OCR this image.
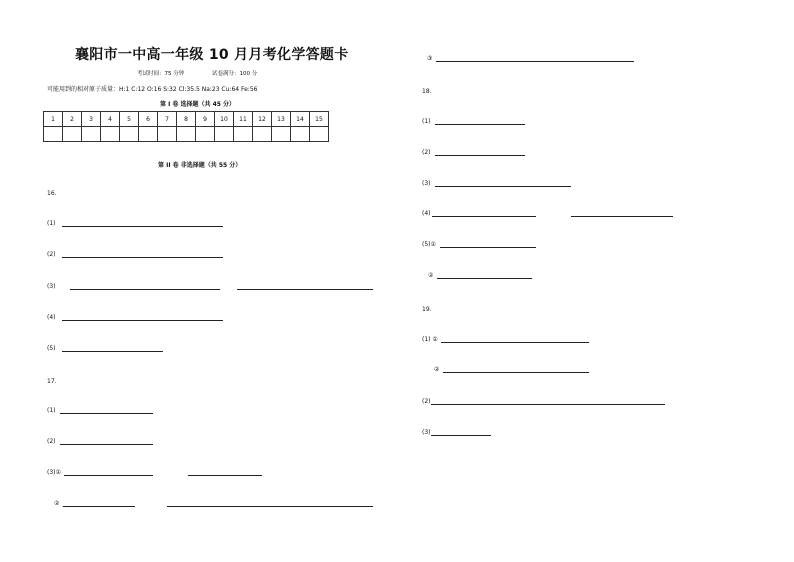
襄阳市一中高一年级 10 月月考化学答题卡
考试时间：75 分钟	试卷满分：100 分
可能用到的相对原子质量：H:1 C:12 O:16 S:32 Cl:35.5 Na:23 Cu:64 Fe:56
第 I 卷 选择题（共 45 分）
1	2	3	4	5	6	7	8	9	10	11	12	13	14	15

第 II 卷 非选择题（共 55 分）
16．
(1)
(2)
(3)
(4)
(5)
17．
(1)
(2)
(3)①
②
③
18．
(1)
(2)
(3)
(4)
(5)①
②
19．
(1) ①
②
(2)
(3)
